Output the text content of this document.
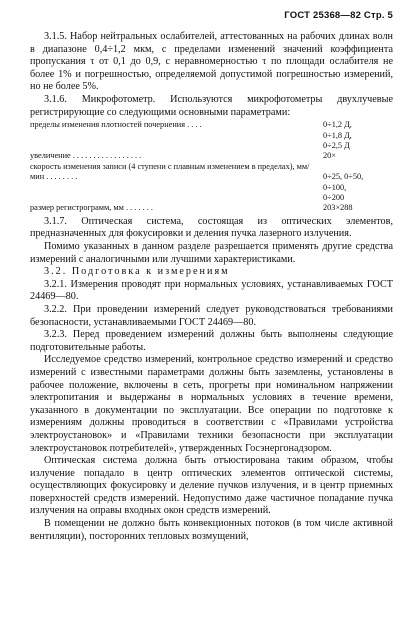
ГОСТ 25368—82 Стр. 5

3.1.5. Набор нейтральных ослабителей, аттестованных на рабочих длинах волн в диапазоне 0,4÷1,2 мкм, с пределами изменений значений коэффициента пропускания τ от 0,1 до 0,9, с неравномерностью τ по площади ослабителя не более 1% и погрешностью, определяемой допустимой погрешностью измерений, но не более 5%.

3.1.6. Микрофотометр. Используются микрофотометры двухлучевые регистрирующие со следующими основными параметрами:

пределы изменения плотностей почернения . . . .	0÷1,2 Д,
0÷1,8 Д,
0÷2,5 Д
увеличение . . . . . . . . . . . . . . . . .	20×
скорость изменения записи (4 ступени с плавным изменением в пределах), мм/мин . . . . . . . .	0÷25, 0÷50,
0÷100,
0÷200
размер регистрограмм, мм . . . . . . .	203×288

3.1.7. Оптическая система, состоящая из оптических элементов, предназначенных для фокусировки и деления пучка лазерного излучения.

Помимо указанных в данном разделе разрешается применять другие средства измерений с аналогичными или лучшими характеристиками.

3.2. Подготовка к измерениям

3.2.1. Измерения проводят при нормальных условиях, устанавливаемых ГОСТ 24469—80.

3.2.2. При проведении измерений следует руководствоваться требованиями безопасности, устанавливаемыми ГОСТ 24469—80.

3.2.3. Перед проведением измерений должны быть выполнены следующие подготовительные работы.

Исследуемое средство измерений, контрольное средство измерений и средство измерений с известными параметрами должны быть заземлены, установлены в рабочее положение, включены в сеть, прогреты при номинальном напряжении электропитания и выдержаны в нормальных условиях в течение времени, указанного в документации по эксплуатации. Все операции по подготовке к измерениям должны проводиться в соответствии с «Правилами устройства электроустановок» и «Правилами техники безопасности при эксплуатации электроустановок потребителей», утвержденных Госэнергонадзором.

Оптическая система должна быть отъюстирована таким образом, чтобы излучение попадало в центр оптических элементов оптической системы, осуществляющих фокусировку и деление пучков излучения, и в центр приемных поверхностей средств измерений. Недопустимо даже частичное попадание пучка излучения на оправы входных окон средств измерений.

В помещении не должно быть конвекционных потоков (в том числе активной вентиляции), посторонних тепловых возмущений,
